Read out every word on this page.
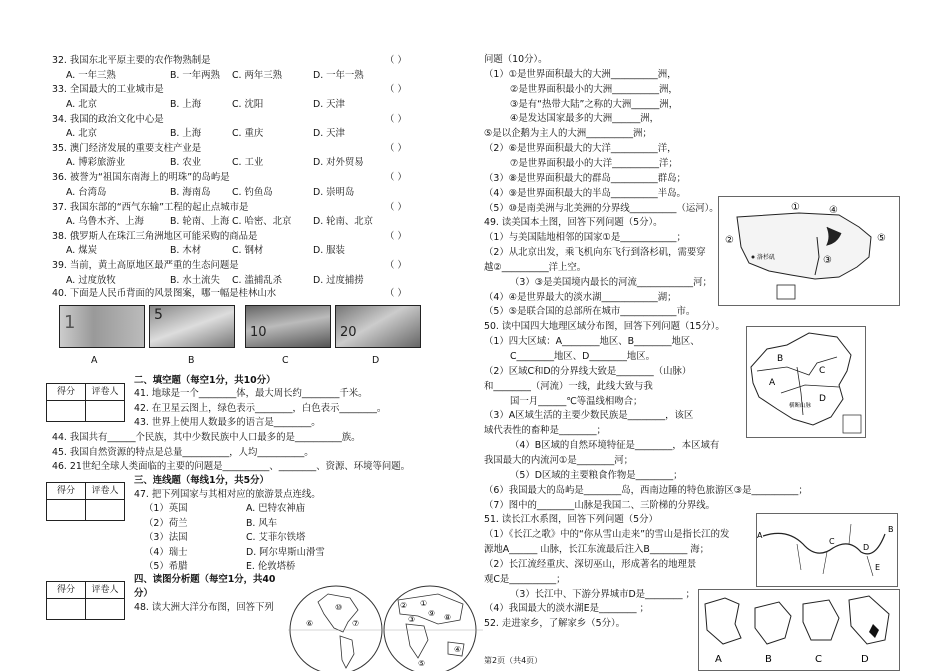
1	5
10	20
A	B	C	D
得分	评卷人

得分	评卷人

得分	评卷人

二、填空题（每空1分，共10分）
41. 地球是一个________体，最大周长约________千米。
42. 在卫星云图上，绿色表示________，白色表示________。
43. 世界上使用人数最多的语言是________。
44. 我国共有______个民族，其中少数民族中人口最多的是__________族。
45. 我国自然资源的特点是总量__________，人均__________。
46. 21世纪全球人类面临的主要的问题是__________、________、资源、环境等问题。
三、连线题（每线1分，共5分）
47. 把下列国家与其相对应的旅游景点连线。
四、读图分析题（每空1分，共40
分）
48. 读大洲大洋分布图，回答下列	⑩
⑥	⑦
② ①
③	⑧
⑨
④
⑤
①
②
③
④
⑤
洛杉矶
A
B
C
D
横断山脉
A
B
C
D
E
A	B	C	D
第2页（共4页）
32. 我国东北平原主要的农作物熟制是	（ ）
A. 一年三熟	B. 一年两熟 C. 两年三熟	D. 一年一熟
33. 全国最大的工业城市是	（ ）
A. 北京	B. 上海	C. 沈阳	D. 天津
34. 我国的政治文化中心是	（ ）
A. 北京	B. 上海	C. 重庆	D. 天津
35. 澳门经济发展的重要支柱产业是	（ ）
A. 博彩旅游业	B. 农业	C. 工业	D. 对外贸易
36. 被誉为“祖国东南海上的明珠”的岛屿是	（ ）
A. 台湾岛	B. 海南岛 C. 钓鱼岛	D. 崇明岛
37. 我国东部的“西气东输”工程的起止点城市是	（ ）
A. 乌鲁木齐、上海	B. 轮南、上海 C. 哈密、北京 D. 轮南、北京
38. 俄罗斯人在珠江三角洲地区可能采购的商品是	（ ）
A. 煤炭	B. 木材	C. 钢材	D. 服装
39. 当前，黄土高原地区最严重的生态问题是	（ ）
A. 过度放牧	B. 水土流失 C. 滥捕乱杀	D. 过度捕捞
40. 下面是人民币背面的风景图案，哪一幅是桂林山水	（ ）
（1）英国	A. 巴特农神庙
（2）荷兰	B. 风车
（3）法国	C. 艾菲尔铁塔
（4）瑞士	D. 阿尔卑斯山滑雪
（5）希腊	E. 伦敦塔桥
问题（10分）。
（1）①是世界面积最大的大洲__________洲，
②是世界面积最小的大洲__________洲，
③是有“热带大陆”之称的大洲______洲，
④是发达国家最多的大洲______洲，
⑤是以企鹅为主人的大洲__________洲；
（2）⑥是世界面积最大的大洋__________洋，
⑦是世界面积最小的大洋__________洋；
（3）⑧是世界面积最大的群岛__________群岛；
（4）⑨是世界面积最大的半岛__________半岛。
（5）⑩是南美洲与北美洲的分界线__________（运河）。
49. 读美国本土图，回答下列问题（5分）。
（1）与美国陆地相邻的国家①是____________；
（2）从北京出发，乘飞机向东飞行到洛杉矶，需要穿
越②__________洋上空。
（3）③是美国境内最长的河流____________河；
（4）④是世界最大的淡水湖____________湖；
（5）⑤是联合国的总部所在城市____________市。
50. 读中国四大地理区域分布图，回答下列问题（15分）。
（1）四大区域：A________地区、B________地区、
C________地区、D________地区。
（2）区域C和D的分界线大致是________（山脉）
和________（河流）一线，此线大致与我
国一月______℃等温线相吻合；
（3）A区域生活的主要少数民族是________，该区
域代表性的畜种是________；
（4）B区域的自然环境特征是________，本区域有
我国最大的内流河①是________河；
（5）D区域的主要粮食作物是________；
（6）我国最大的岛屿是________岛，西南边陲的特色旅游区③是__________；
（7）图中的________山脉是我国二、三阶梯的分界线。
51. 读长江水系图，回答下列问题（5分）
（1）《长江之歌》中的“你从雪山走来”的雪山是指长江的发
源地A______ 山脉，长江东流最后注入B________ 海；
（2）长江流经重庆、深切巫山，形成著名的地理景
观C是__________；
（3）长江中、下游分界城市D是________ ；
（4）我国最大的淡水湖E是________ ；
52. 走进家乡，了解家乡（5分）。
